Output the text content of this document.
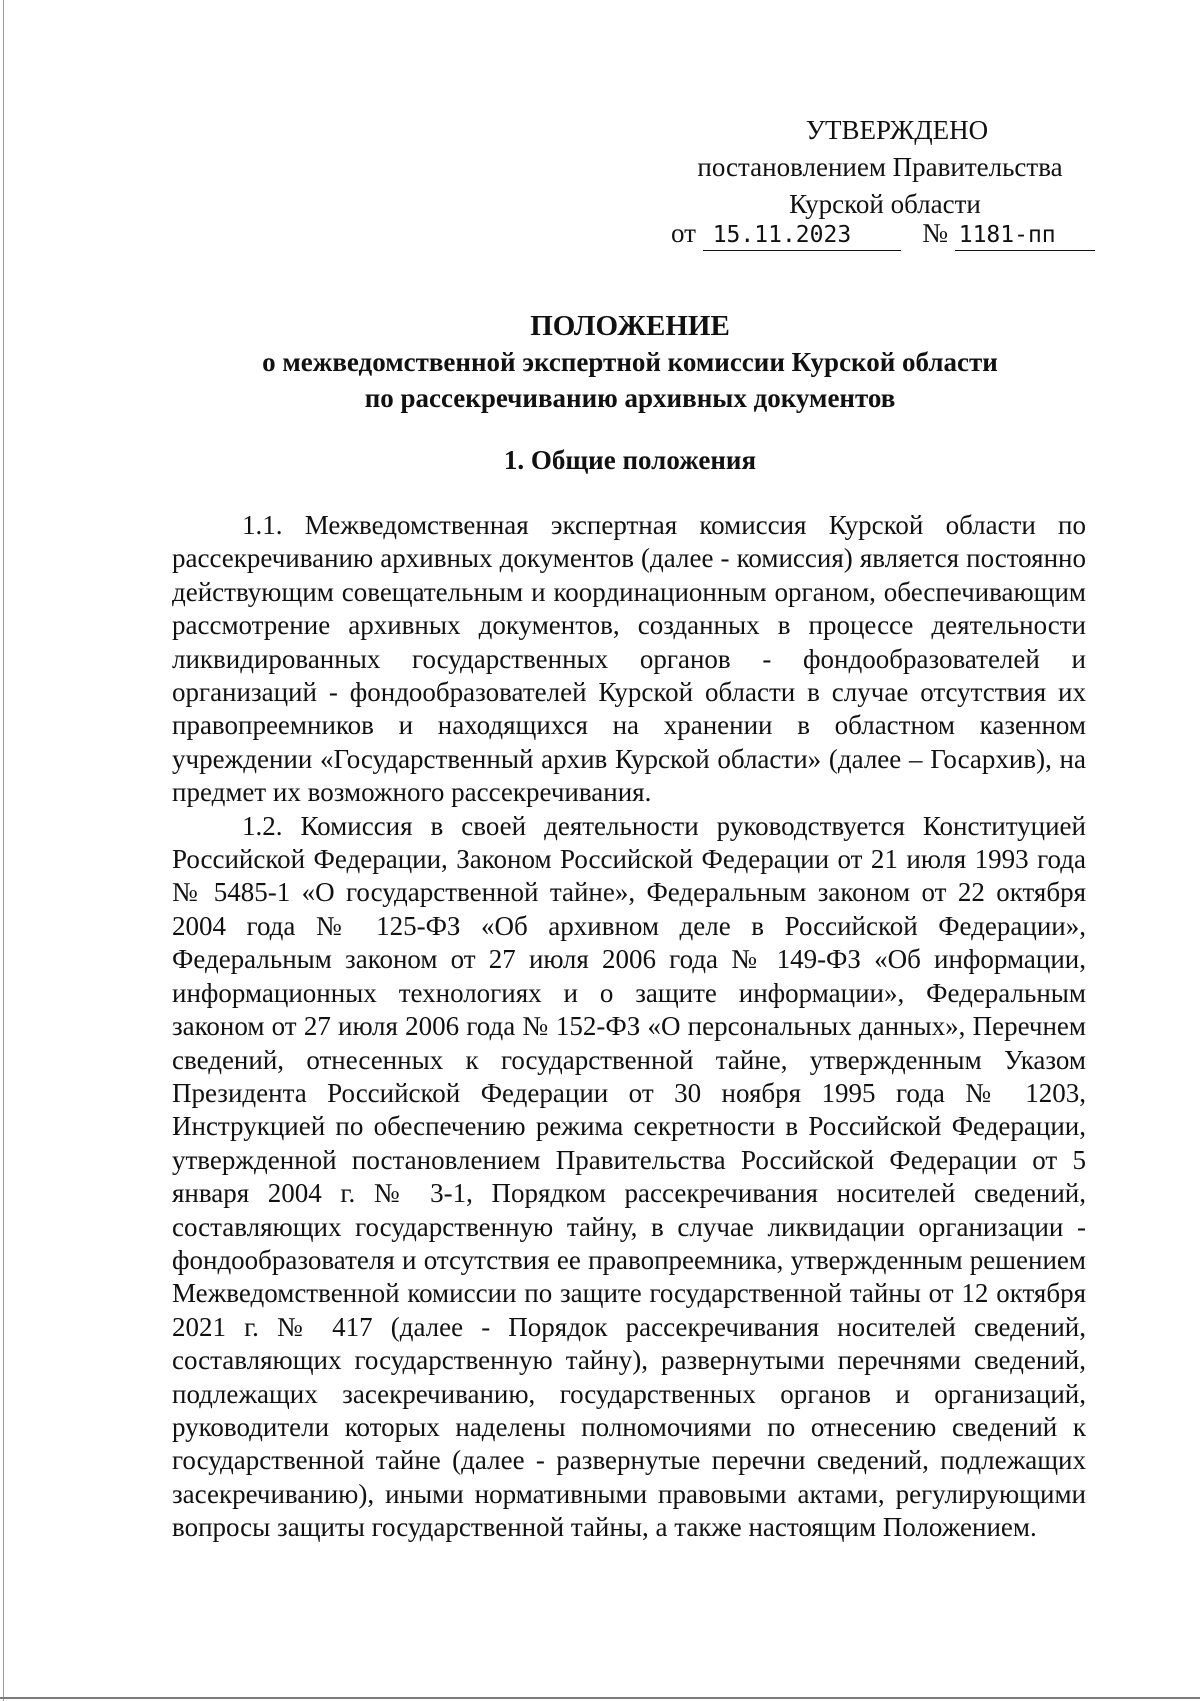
УТВЕРЖДЕНО
постановлением Правительства
Курской области
от 15.11.2023	№ 1181-пп
ПОЛОЖЕНИЕ
о межведомственной экспертной комиссии Курской области
по рассекречиванию архивных документов
1. Общие положения

1.1. Межведомственная экспертная комиссия Курской области по рассекречиванию архивных документов (далее - комиссия) является постоянно действующим совещательным и координационным органом, обеспечивающим рассмотрение архивных документов, созданных в процессе деятельности ликвидированных государственных органов - фондообразователей и организаций - фондообразователей Курской области в случае отсутствия их правопреемников и находящихся на хранении в областном казенном учреждении «Государственный архив Курской области» (далее – Госархив), на предмет их возможного рассекречивания.

1.2. Комиссия в своей деятельности руководствуется Конституцией Российской Федерации, Законом Российской Федерации от 21 июля 1993 года № 5485-1 «О государственной тайне», Федеральным законом от 22 октября 2004 года № 125-ФЗ «Об архивном деле в Российской Федерации», Федеральным законом от 27 июля 2006 года № 149-ФЗ «Об информации, информационных технологиях и о защите информации», Федеральным законом от 27 июля 2006 года № 152-ФЗ «О персональных данных», Перечнем сведений, отнесенных к государственной тайне, утвержденным Указом Президента Российской Федерации от 30 ноября 1995 года № 1203, Инструкцией по обеспечению режима секретности в Российской Федерации, утвержденной постановлением Правительства Российской Федерации от 5 января 2004 г. № 3-1, Порядком рассекречивания носителей сведений, составляющих государственную тайну, в случае ликвидации организации - фондообразователя и отсутствия ее правопреемника, утвержденным решением Межведомственной комиссии по защите государственной тайны от 12 октября 2021 г. № 417 (далее - Порядок рассекречивания носителей сведений, составляющих государственную тайну), развернутыми перечнями сведений, подлежащих засекречиванию, государственных органов и организаций, руководители которых наделены полномочиями по отнесению сведений к государственной тайне (далее - развернутые перечни сведений, подлежащих засекречиванию), иными нормативными правовыми актами, регулирующими вопросы защиты государственной тайны, а также настоящим Положением.
